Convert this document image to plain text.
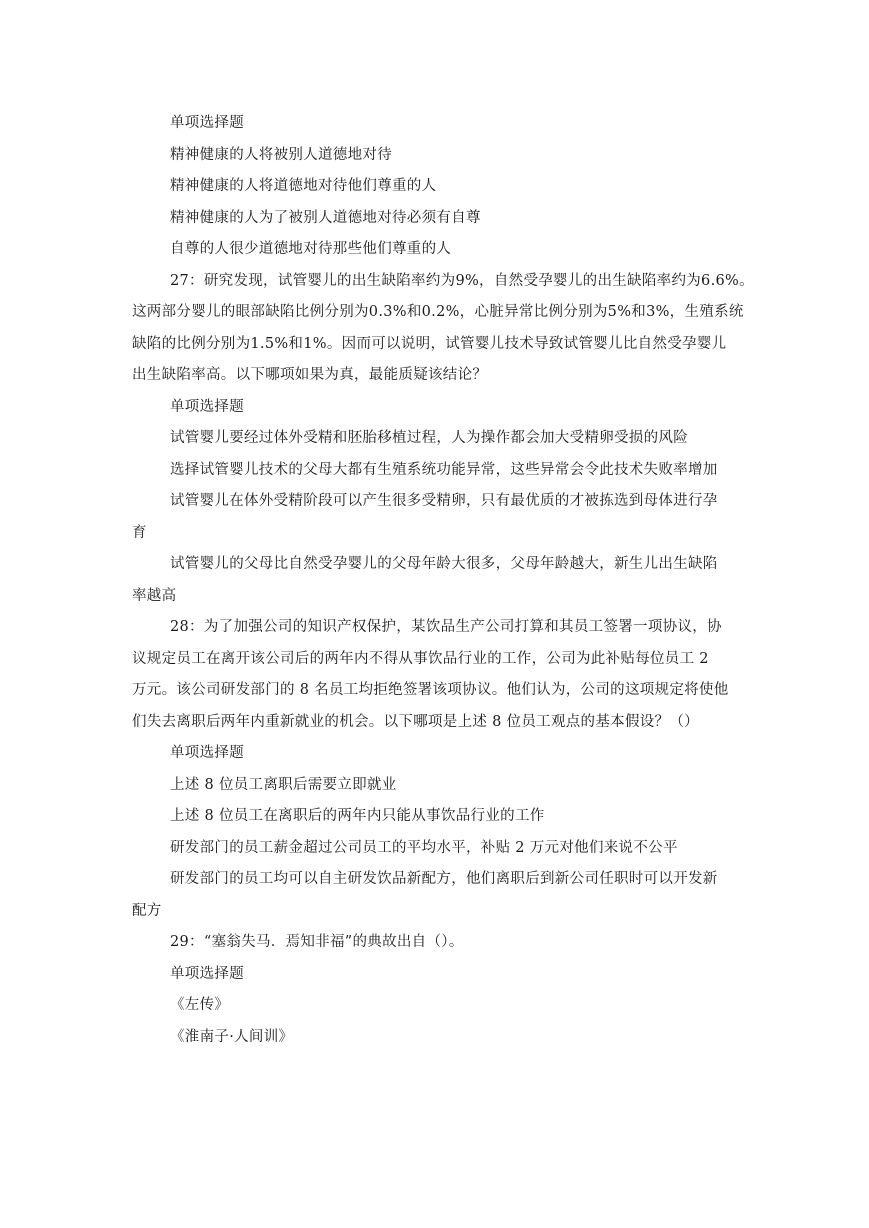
单项选择题

精神健康的人将被别人道德地对待

精神健康的人将道德地对待他们尊重的人

精神健康的人为了被别人道德地对待必须有自尊

自尊的人很少道德地对待那些他们尊重的人

27：研究发现，试管婴儿的出生缺陷率约为9%，自然受孕婴儿的出生缺陷率约为6.6%。

这两部分婴儿的眼部缺陷比例分别为0.3%和0.2%，心脏异常比例分别为5%和3%，生殖系统

缺陷的比例分别为1.5%和1%。因而可以说明，试管婴儿技术导致试管婴儿比自然受孕婴儿

出生缺陷率高。以下哪项如果为真，最能质疑该结论？

单项选择题

试管婴儿要经过体外受精和胚胎移植过程，人为操作都会加大受精卵受损的风险

选择试管婴儿技术的父母大都有生殖系统功能异常，这些异常会令此技术失败率增加

试管婴儿在体外受精阶段可以产生很多受精卵，只有最优质的才被拣选到母体进行孕

育

试管婴儿的父母比自然受孕婴儿的父母年龄大很多，父母年龄越大，新生儿出生缺陷

率越高

28：为了加强公司的知识产权保护，某饮品生产公司打算和其员工签署一项协议，协

议规定员工在离开该公司后的两年内不得从事饮品行业的工作，公司为此补贴每位员工 2

万元。该公司研发部门的 8 名员工均拒绝签署该项协议。他们认为，公司的这项规定将使他

们失去离职后两年内重新就业的机会。以下哪项是上述 8 位员工观点的基本假设？（）

单项选择题

上述 8 位员工离职后需要立即就业

上述 8 位员工在离职后的两年内只能从事饮品行业的工作

研发部门的员工薪金超过公司员工的平均水平，补贴 2 万元对他们来说不公平

研发部门的员工均可以自主研发饮品新配方，他们离职后到新公司任职时可以开发新

配方

29：“塞翁失马．焉知非福”的典故出自（）。

单项选择题

《左传》

《淮南子·人间训》
